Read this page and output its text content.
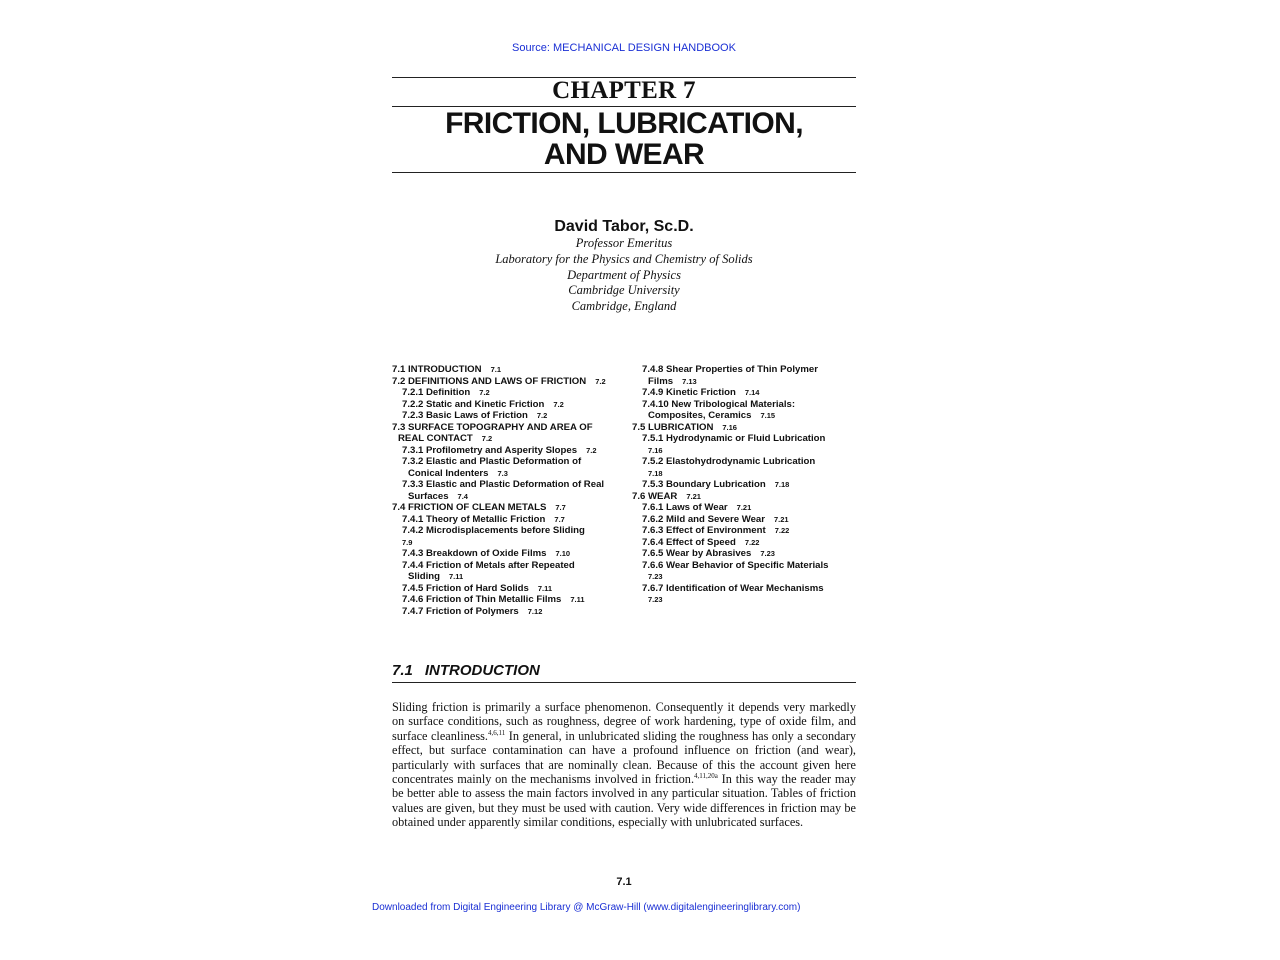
Source: MECHANICAL DESIGN HANDBOOK
CHAPTER 7
FRICTION, LUBRICATION,
AND WEAR
David Tabor, Sc.D.
Professor Emeritus
Laboratory for the Physics and Chemistry of Solids
Department of Physics
Cambridge University
Cambridge, England
7.1 INTRODUCTION 7.1
7.2 DEFINITIONS AND LAWS OF FRICTION 7.2
7.2.1 Definition 7.2
7.2.2 Static and Kinetic Friction 7.2
7.2.3 Basic Laws of Friction 7.2
7.3 SURFACE TOPOGRAPHY AND AREA OF
REAL CONTACT 7.2
7.3.1 Profilometry and Asperity Slopes 7.2
7.3.2 Elastic and Plastic Deformation of
Conical Indenters 7.3
7.3.3 Elastic and Plastic Deformation of Real
Surfaces 7.4
7.4 FRICTION OF CLEAN METALS 7.7
7.4.1 Theory of Metallic Friction 7.7
7.4.2 Microdisplacements before Sliding
7.9
7.4.3 Breakdown of Oxide Films 7.10
7.4.4 Friction of Metals after Repeated
Sliding 7.11
7.4.5 Friction of Hard Solids 7.11
7.4.6 Friction of Thin Metallic Films 7.11
7.4.7 Friction of Polymers 7.12
7.4.8 Shear Properties of Thin Polymer
Films 7.13
7.4.9 Kinetic Friction 7.14
7.4.10 New Tribological Materials:
Composites, Ceramics 7.15
7.5 LUBRICATION 7.16
7.5.1 Hydrodynamic or Fluid Lubrication
7.16
7.5.2 Elastohydrodynamic Lubrication
7.18
7.5.3 Boundary Lubrication 7.18
7.6 WEAR 7.21
7.6.1 Laws of Wear 7.21
7.6.2 Mild and Severe Wear 7.21
7.6.3 Effect of Environment 7.22
7.6.4 Effect of Speed 7.22
7.6.5 Wear by Abrasives 7.23
7.6.6 Wear Behavior of Specific Materials
7.23
7.6.7 Identification of Wear Mechanisms
7.23
7.1 INTRODUCTION
Sliding friction is primarily a surface phenomenon. Consequently it depends very markedly on surface conditions, such as roughness, degree of work hardening, type of oxide film, and surface cleanliness.$^{4,6,11}$ In general, in unlubricated sliding the roughness has only a secondary effect, but surface contamination can have a profound influence on friction (and wear), particularly with surfaces that are nominally clean. Because of this the account given here concentrates mainly on the mechanisms involved in friction.$^{4,11,20a}$ In this way the reader may be better able to assess the main factors involved in any particular situation. Tables of friction values are given, but they must be used with caution. Very wide differences in friction may be obtained under apparently similar conditions, especially with unlubricated surfaces.
7.1
Downloaded from Digital Engineering Library @ McGraw-Hill (www.digitalengineeringlibrary.com)
